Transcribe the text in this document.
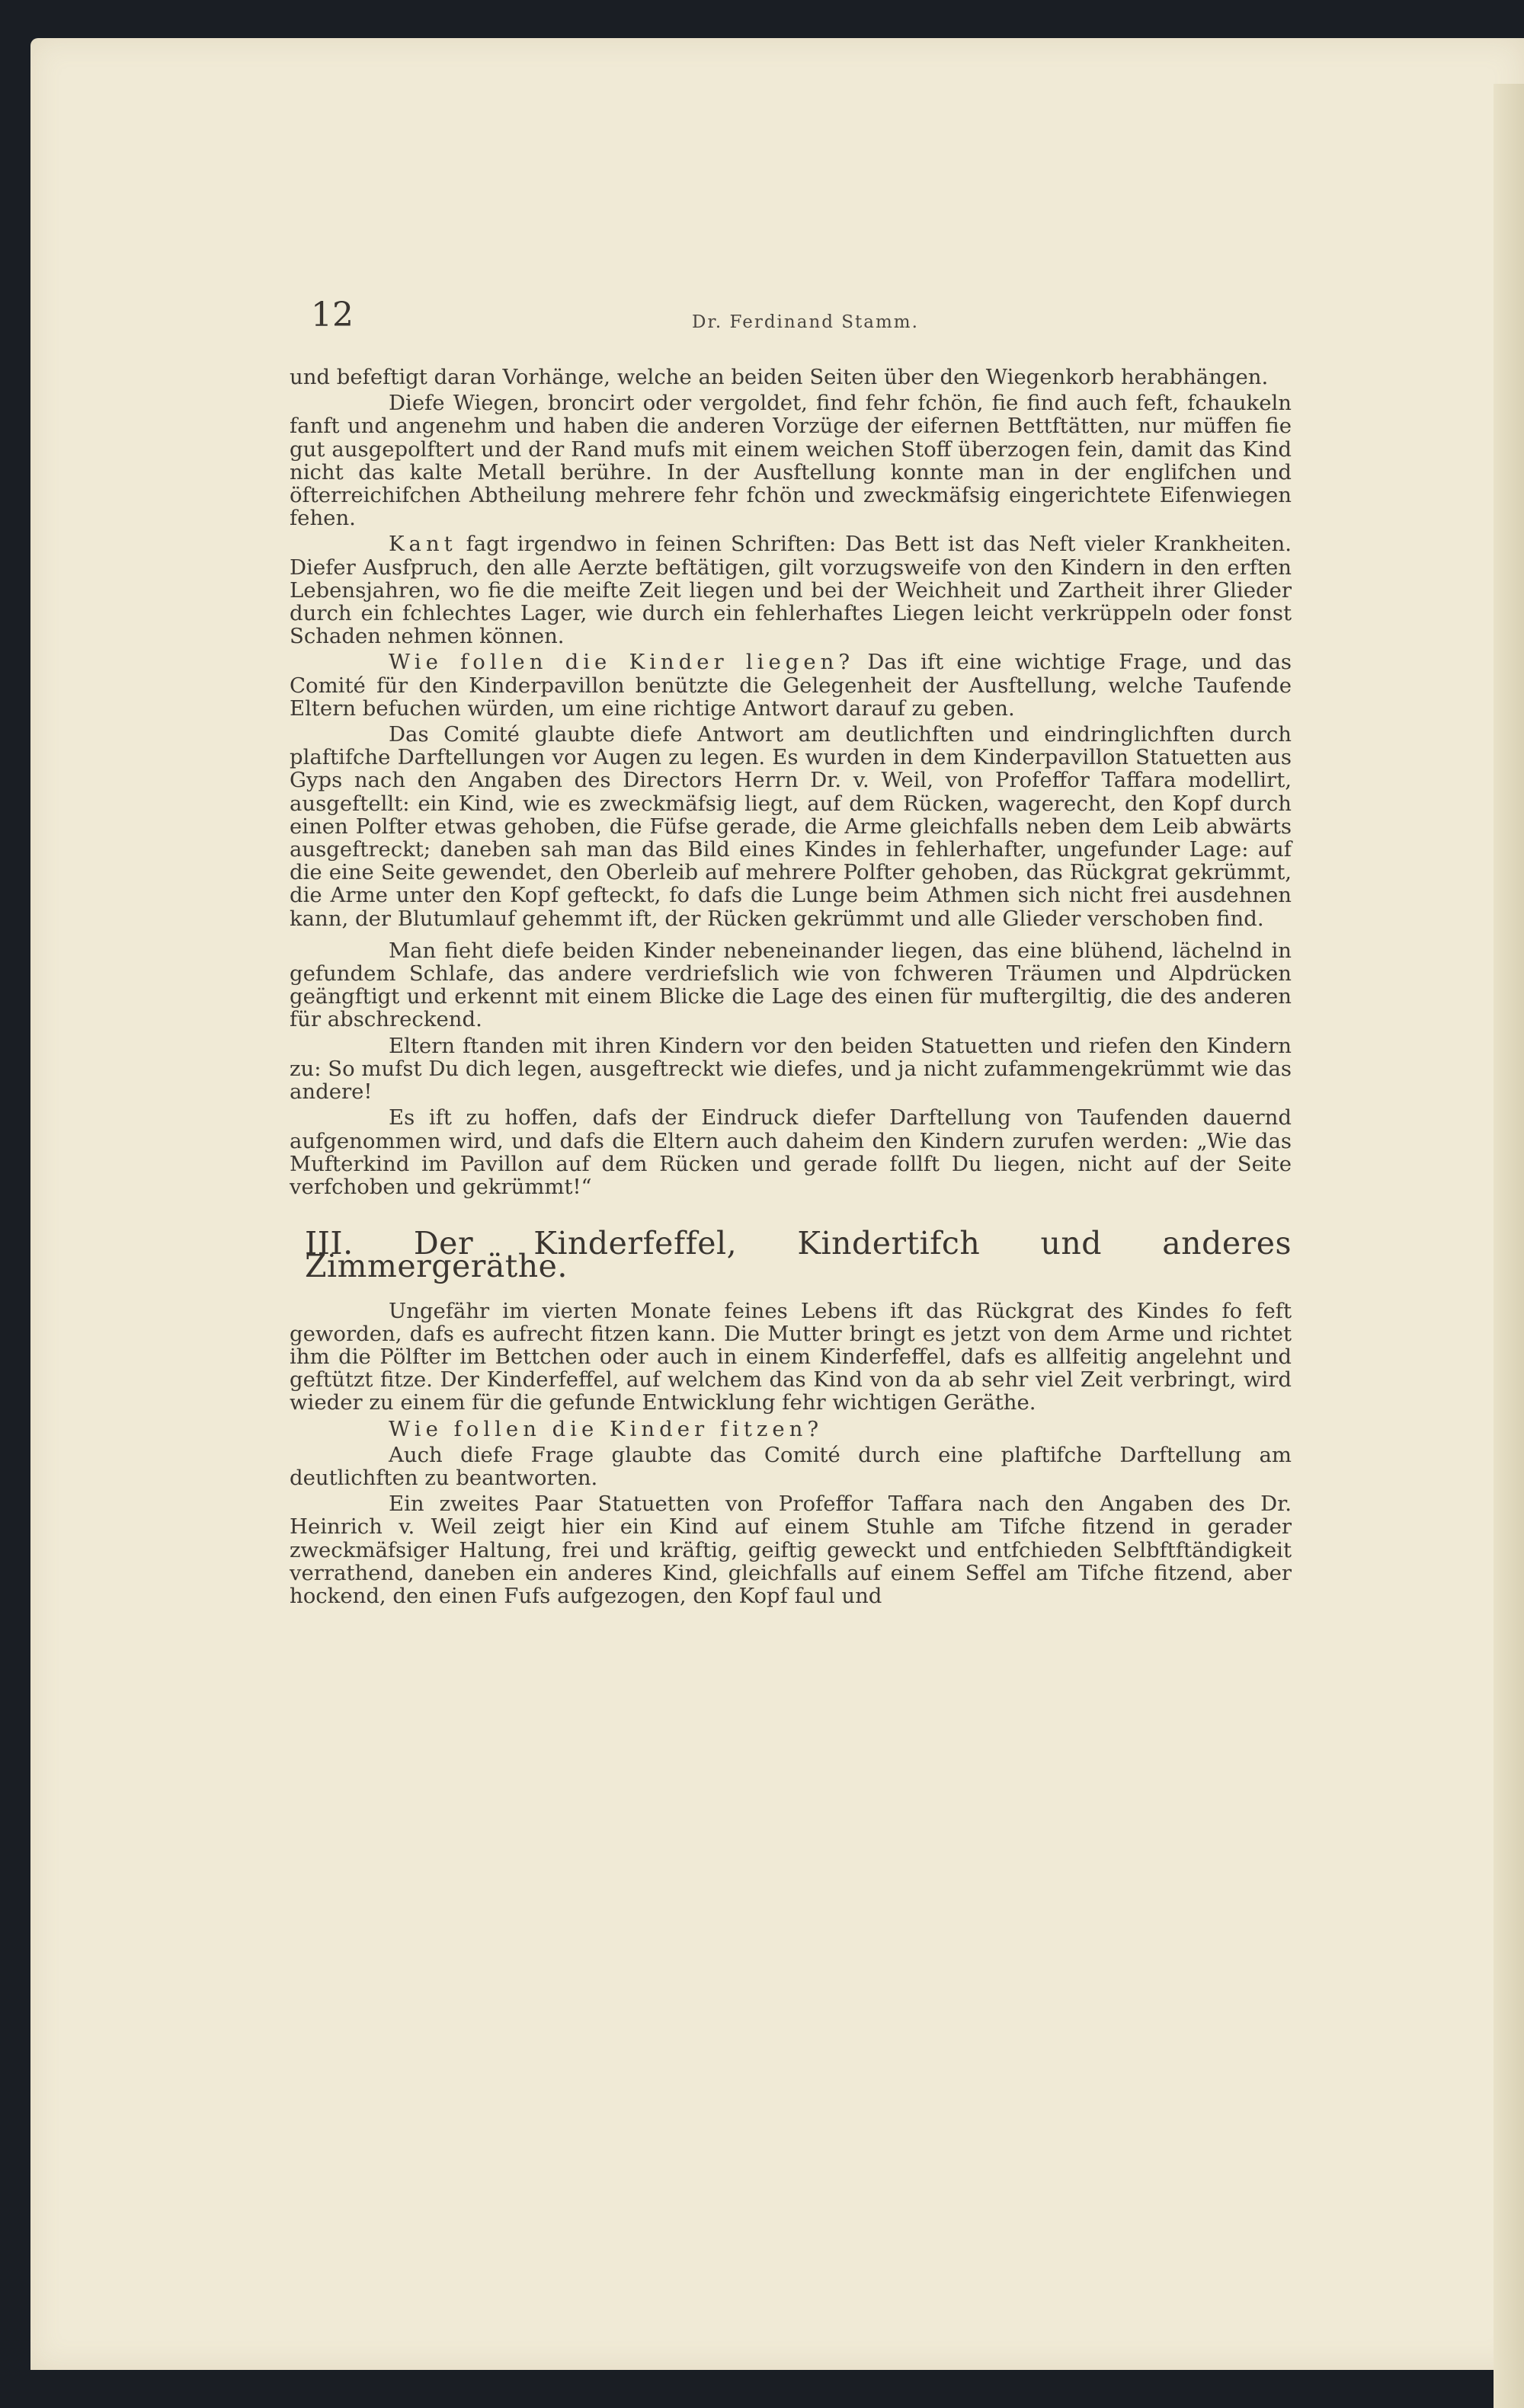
12	Dr. Ferdinand Stamm.

und befeftigt daran Vorhänge, welche an beiden Seiten über den Wiegenkorb herabhängen.

Diefe Wiegen, broncirt oder vergoldet, find fehr fchön, fie find auch feft, fchaukeln fanft und angenehm und haben die anderen Vorzüge der eifernen Bettftätten, nur müffen fie gut ausgepolftert und der Rand mufs mit einem weichen Stoff überzogen fein, damit das Kind nicht das kalte Metall berühre. In der Ausftellung konnte man in der englifchen und öfterreichifchen Abtheilung mehrere fehr fchön und zweckmäfsig eingerichtete Eifenwiegen fehen.

Kant fagt irgendwo in feinen Schriften: Das Bett ist das Neft vieler Krankheiten. Diefer Ausfpruch, den alle Aerzte beftätigen, gilt vorzugsweife von den Kindern in den erften Lebensjahren, wo fie die meifte Zeit liegen und bei der Weichheit und Zartheit ihrer Glieder durch ein fchlechtes Lager, wie durch ein fehlerhaftes Liegen leicht verkrüppeln oder fonst Schaden nehmen können.

Wie follen die Kinder liegen? Das ift eine wichtige Frage, und das Comité für den Kinderpavillon benützte die Gelegenheit der Ausftellung, welche Taufende Eltern befuchen würden, um eine richtige Antwort darauf zu geben.

Das Comité glaubte diefe Antwort am deutlichften und eindringlichften durch plaftifche Darftellungen vor Augen zu legen. Es wurden in dem Kinderpavillon Statuetten aus Gyps nach den Angaben des Directors Herrn Dr. v. Weil, von Profeffor Taffara modellirt, ausgeftellt: ein Kind, wie es zweckmäfsig liegt, auf dem Rücken, wagerecht, den Kopf durch einen Polfter etwas gehoben, die Füfse gerade, die Arme gleichfalls neben dem Leib abwärts ausgeftreckt; daneben sah man das Bild eines Kindes in fehlerhafter, ungefunder Lage: auf die eine Seite gewendet, den Oberleib auf mehrere Polfter gehoben, das Rückgrat gekrümmt, die Arme unter den Kopf gefteckt, fo dafs die Lunge beim Athmen sich nicht frei ausdehnen kann, der Blutumlauf gehemmt ift, der Rücken gekrümmt und alle Glieder verschoben find.

Man fieht diefe beiden Kinder nebeneinander liegen, das eine blühend, lächelnd in gefundem Schlafe, das andere verdriefslich wie von fchweren Träumen und Alpdrücken geängftigt und erkennt mit einem Blicke die Lage des einen für muftergiltig, die des anderen für abschreckend.

Eltern ftanden mit ihren Kindern vor den beiden Statuetten und riefen den Kindern zu: So mufst Du dich legen, ausgeftreckt wie diefes, und ja nicht zufammengekrümmt wie das andere!

Es ift zu hoffen, dafs der Eindruck diefer Darftellung von Taufenden dauernd aufgenommen wird, und dafs die Eltern auch daheim den Kindern zurufen werden: „Wie das Mufterkind im Pavillon auf dem Rücken und gerade follft Du liegen, nicht auf der Seite verfchoben und gekrümmt!“

III. Der Kinderfeffel, Kindertifch und anderes Zimmergeräthe.

Ungefähr im vierten Monate feines Lebens ift das Rückgrat des Kindes fo feft geworden, dafs es aufrecht fitzen kann. Die Mutter bringt es jetzt von dem Arme und richtet ihm die Pölfter im Bettchen oder auch in einem Kinderfeffel, dafs es allfeitig angelehnt und geftützt fitze. Der Kinderfeffel, auf welchem das Kind von da ab sehr viel Zeit verbringt, wird wieder zu einem für die gefunde Entwicklung fehr wichtigen Geräthe.

Wie follen die Kinder fitzen?

Auch diefe Frage glaubte das Comité durch eine plaftifche Darftellung am deutlichften zu beantworten.

Ein zweites Paar Statuetten von Profeffor Taffara nach den Angaben des Dr. Heinrich v. Weil zeigt hier ein Kind auf einem Stuhle am Tifche fitzend in gerader zweckmäfsiger Haltung, frei und kräftig, geiftig geweckt und entfchieden Selbftftändigkeit verrathend, daneben ein anderes Kind, gleichfalls auf einem Seffel am Tifche fitzend, aber hockend, den einen Fufs aufgezogen, den Kopf faul und
